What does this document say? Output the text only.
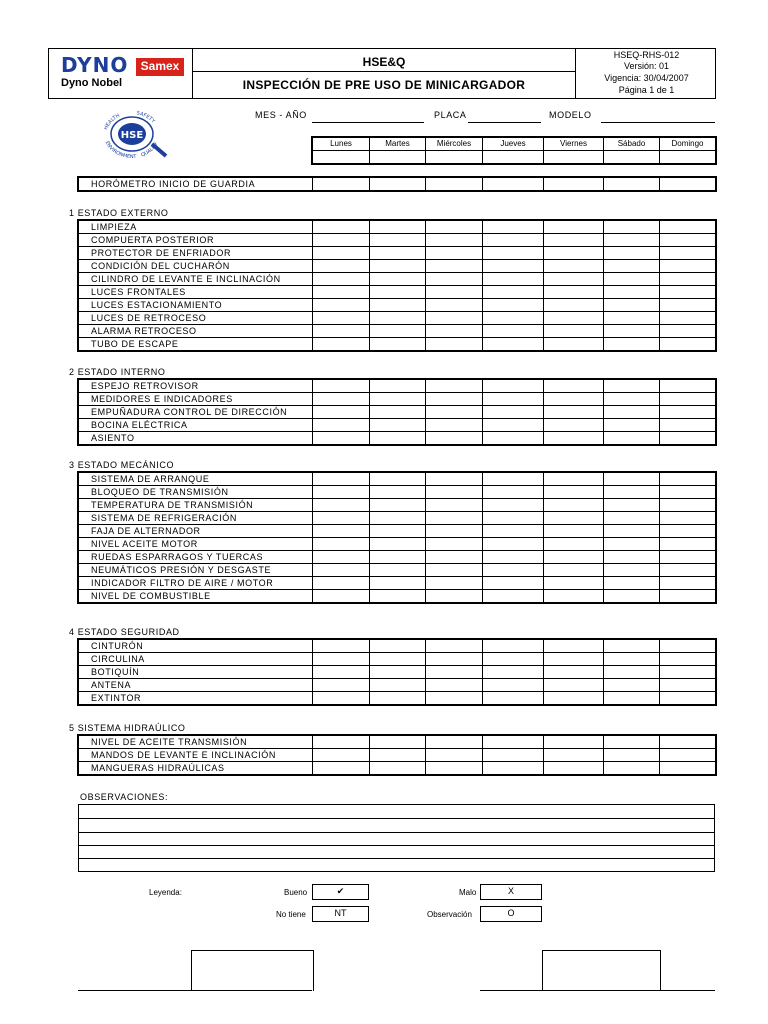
DYNO	Samex
Dyno Nobel
HSE&Q
INSPECCIÓN DE PRE USO DE MINICARGADOR
HSEQ-RHS-012
Versión: 01
Vigencia: 30/04/2007
Página 1 de 1
HSE
HEALTH	SAFETY
QUALITY
ENVIRONMENT
MES - AÑO	PLACA	MODELO
Lunes	Martes	Miércoles	Jueves	Viernes	Sábado	Domingo

HORÓMETRO INICIO DE GUARDIA							
1 ESTADO EXTERNO
LIMPIEZA							
COMPUERTA POSTERIOR							
PROTECTOR DE ENFRIADOR							
CONDICIÓN DEL CUCHARÓN							
CILINDRO DE LEVANTE E INCLINACIÓN							
LUCES FRONTALES							
LUCES ESTACIONAMIENTO							
LUCES DE RETROCESO							
ALARMA RETROCESO							
TUBO DE ESCAPE							
2 ESTADO INTERNO
ESPEJO RETROVISOR							
MEDIDORES E INDICADORES							
EMPUÑADURA CONTROL DE DIRECCIÓN							
BOCINA ELÉCTRICA							
ASIENTO							
3 ESTADO MECÁNICO
SISTEMA DE ARRANQUE							
BLOQUEO DE TRANSMISIÓN							
TEMPERATURA DE TRANSMISIÓN							
SISTEMA DE REFRIGERACIÓN							
FAJA DE ALTERNADOR							
NIVEL ACEITE MOTOR							
RUEDAS ESPARRAGOS Y TUERCAS							
NEUMÁTICOS PRESIÓN Y DESGASTE							
INDICADOR FILTRO DE AIRE / MOTOR							
NIVEL DE COMBUSTIBLE							
4 ESTADO SEGURIDAD
CINTURÓN							
CIRCULINA							
BOTIQUÍN							
ANTENA							
EXTINTOR							
5 SISTEMA HIDRAÚLICO
NIVEL DE ACEITE TRANSMISIÓN							
MANDOS DE LEVANTE E INCLINACIÓN							
MANGUERAS HIDRAÚLICAS							
OBSERVACIONES:
Leyenda:	Bueno	✔	Malo	X
No tiene	NT	Observación	O
